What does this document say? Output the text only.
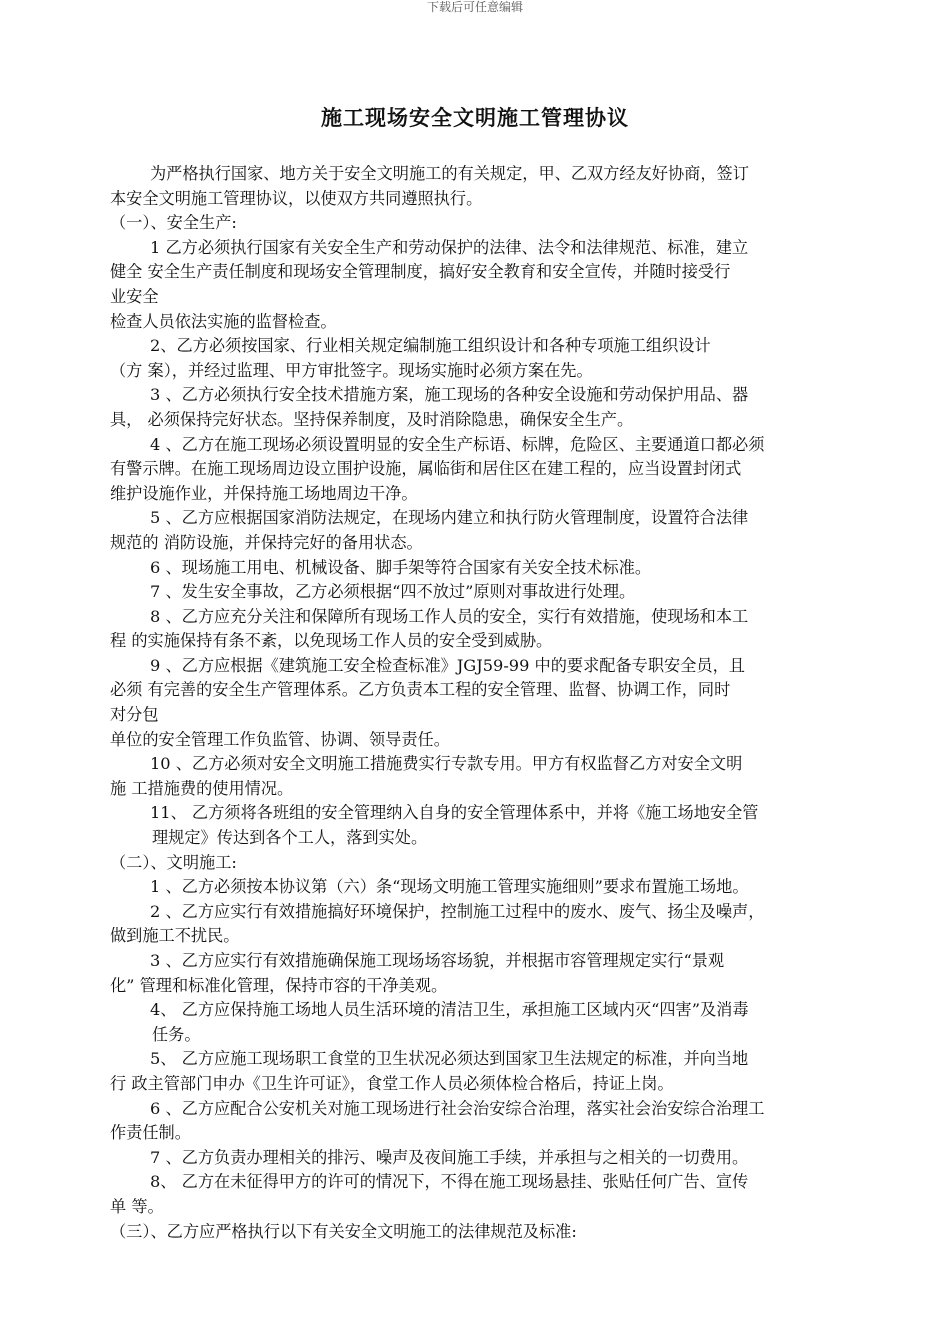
下载后可任意编辑
施工现场安全文明施工管理协议
为严格执行国家、地方关于安全文明施工的有关规定，甲、乙双方经友好协商，签订
本安全文明施工管理协议，以使双方共同遵照执行。
（一）、安全生产:
1 乙方必须执行国家有关安全生产和劳动保护的法律、法令和法律规范、标准，建立
健全 安全生产责任制度和现场安全管理制度，搞好安全教育和安全宣传，并随时接受行
业安全
检查人员依法实施的监督检查。
2、乙方必须按国家、行业相关规定编制施工组织设计和各种专项施工组织设计
（方 案），并经过监理、甲方审批签字。现场实施时必须方案在先。
3 、乙方必须执行安全技术措施方案，施工现场的各种安全设施和劳动保护用品、器
具， 必须保持完好状态。坚持保养制度，及时消除隐患，确保安全生产。
4 、乙方在施工现场必须设置明显的安全生产标语、标牌，危险区、主要通道口都必须
有警示牌。在施工现场周边设立围护设施，属临街和居住区在建工程的，应当设置封闭式
维护设施作业，并保持施工场地周边干净。
5 、乙方应根据国家消防法规定，在现场内建立和执行防火管理制度，设置符合法律
规范的 消防设施，并保持完好的备用状态。
6 、现场施工用电、机械设备、脚手架等符合国家有关安全技术标准。
7 、发生安全事故，乙方必须根据“四不放过”原则对事故进行处理。
8 、乙方应充分关注和保障所有现场工作人员的安全，实行有效措施，使现场和本工
程 的实施保持有条不紊，以免现场工作人员的安全受到威胁。
9 、乙方应根据《建筑施工安全检查标准》JGJ59-99 中的要求配备专职安全员，且
必须 有完善的安全生产管理体系。乙方负责本工程的安全管理、监督、协调工作，同时
对分包
单位的安全管理工作负监管、协调、领导责任。
10 、乙方必须对安全文明施工措施费实行专款专用。甲方有权监督乙方对安全文明
施 工措施费的使用情况。
11、 乙方须将各班组的安全管理纳入自身的安全管理体系中，并将《施工场地安全管
理规定》传达到各个工人，落到实处。
（二）、文明施工:
1 、乙方必须按本协议第（六）条“现场文明施工管理实施细则”要求布置施工场地。
2 、乙方应实行有效措施搞好环境保护，控制施工过程中的废水、废气、扬尘及噪声，
做到施工不扰民。
3 、乙方应实行有效措施确保施工现场场容场貌，并根据市容管理规定实行“景观
化” 管理和标准化管理，保持市容的干净美观。
4、 乙方应保持施工场地人员生活环境的清洁卫生，承担施工区域内灭“四害”及消毒
任务。
5、 乙方应施工现场职工食堂的卫生状况必须达到国家卫生法规定的标准，并向当地
行 政主管部门申办《卫生许可证》，食堂工作人员必须体检合格后，持证上岗。
6 、乙方应配合公安机关对施工现场进行社会治安综合治理，落实社会治安综合治理工
作责任制。
7 、乙方负责办理相关的排污、噪声及夜间施工手续，并承担与之相关的一切费用。
8、 乙方在未征得甲方的许可的情况下，不得在施工现场悬挂、张贴任何广告、宣传
单 等。
（三）、乙方应严格执行以下有关安全文明施工的法律规范及标准:
